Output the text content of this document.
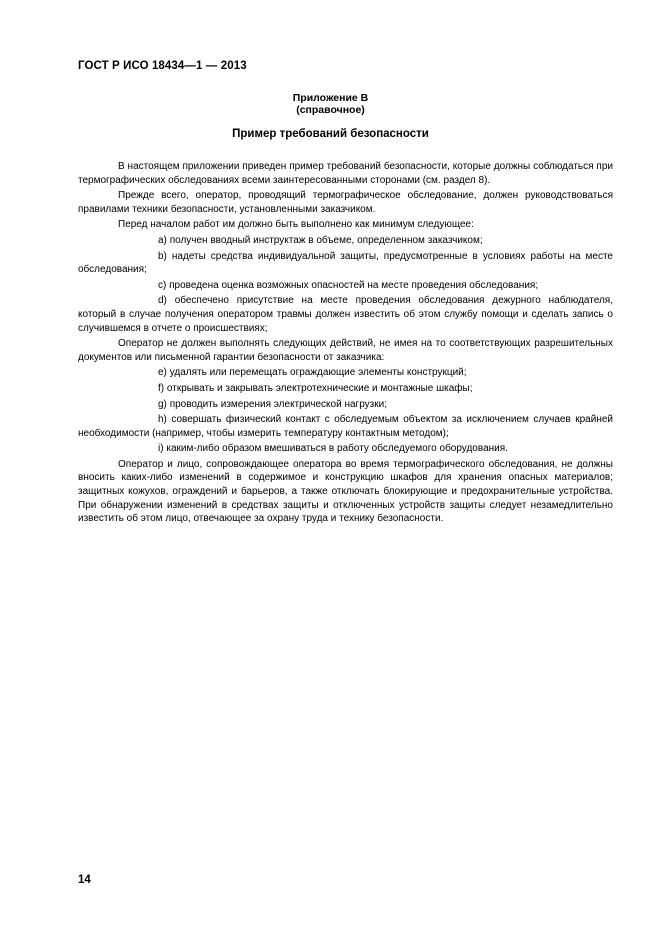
ГОСТ Р ИСО 18434—1 — 2013
Приложение В
(справочное)
Пример требований безопасности

В настоящем приложении приведен пример требований безопасности, которые должны соблюдаться при термографических обследованиях всеми заинтересованными сторонами (см. раздел 8).

Прежде всего, оператор, проводящий термографическое обследование, должен руководствоваться правилами техники безопасности, установленными заказчиком.

Перед началом работ им должно быть выполнено как минимум следующее:

a) получен вводный инструктаж в объеме, определенном заказчиком;

b) надеты средства индивидуальной защиты, предусмотренные в условиях работы на месте обследования;

c) проведена оценка возможных опасностей на месте проведения обследования;

d) обеспечено присутствие на месте проведения обследования дежурного наблюдателя, который в случае получения оператором травмы должен известить об этом службу помощи и сделать запись о случившемся в отчете о происшествиях;

Оператор не должен выполнять следующих действий, не имея на то соответствующих разрешительных документов или письменной гарантии безопасности от заказчика:

e) удалять или перемещать ограждающие элементы конструкций;

f) открывать и закрывать электротехнические и монтажные шкафы;

g) проводить измерения электрической нагрузки;

h) совершать физический контакт с обследуемым объектом за исключением случаев крайней необходимости (например, чтобы измерить температуру контактным методом);

i) каким-либо образом вмешиваться в работу обследуемого оборудования.

Оператор и лицо, сопровождающее оператора во время термографического обследования, не должны вносить каких-либо изменений в содержимое и конструкцию шкафов для хранения опасных материалов; защитных кожухов, ограждений и барьеров, а также отключать блокирующие и предохранительные устройства. При обнаружении изменений в средствах защиты и отключенных устройств защиты следует незамедлительно известить об этом лицо, отвечающее за охрану труда и технику безопасности.

14
